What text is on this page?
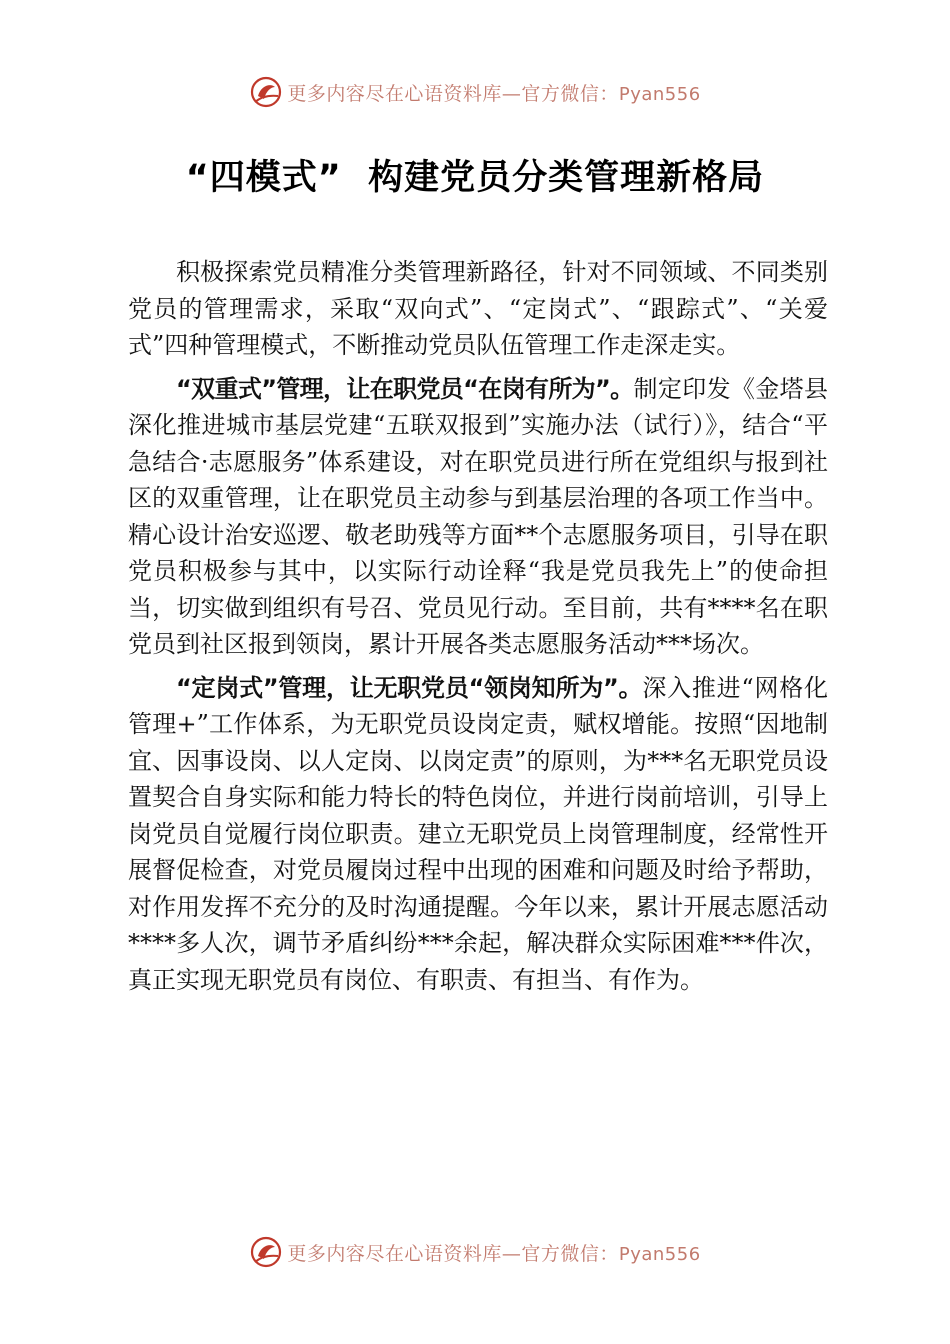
更多内容尽在心语资料库—官方微信：Pyan556
“四模式”  构建党员分类管理新格局

积极探索党员精准分类管理新路径，针对不同领域、不同类别党员的管理需求，采取“双向式”、“定岗式”、“跟踪式”、“关爱式”四种管理模式，不断推动党员队伍管理工作走深走实。

“双重式”管理，让在职党员“在岗有所为”。制定印发《金塔县深化推进城市基层党建“五联双报到”实施办法（试行）》，结合“平急结合·志愿服务”体系建设，对在职党员进行所在党组织与报到社区的双重管理，让在职党员主动参与到基层治理的各项工作当中。精心设计治安巡逻、敬老助残等方面**个志愿服务项目，引导在职党员积极参与其中，以实际行动诠释“我是党员我先上”的使命担当，切实做到组织有号召、党员见行动。至目前，共有****名在职党员到社区报到领岗，累计开展各类志愿服务活动***场次。

“定岗式”管理，让无职党员“领岗知所为”。深入推进“网格化管理+”工作体系，为无职党员设岗定责，赋权增能。按照“因地制宜、因事设岗、以人定岗、以岗定责”的原则，为***名无职党员设置契合自身实际和能力特长的特色岗位，并进行岗前培训，引导上岗党员自觉履行岗位职责。建立无职党员上岗管理制度，经常性开展督促检查，对党员履岗过程中出现的困难和问题及时给予帮助，对作用发挥不充分的及时沟通提醒。今年以来，累计开展志愿活动****多人次，调节矛盾纠纷***余起，解决群众实际困难***件次，真正实现无职党员有岗位、有职责、有担当、有作为。

更多内容尽在心语资料库—官方微信：Pyan556
